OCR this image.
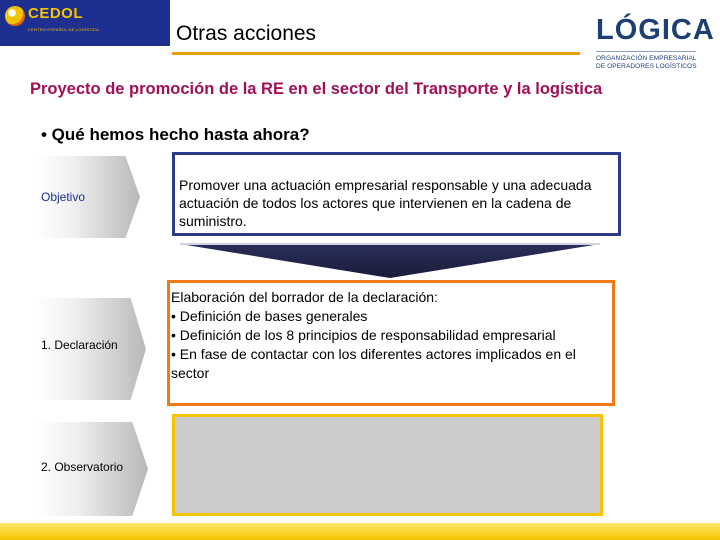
CEDOL
CENTRO ESPAÑOL DE LOGÍSTICA	Otras acciones	LÓGICA
ORGANIZACIÓN EMPRESARIAL
DE OPERADORES LOGÍSTICOS
Proyecto de promoción de la RE en el sector del Transporte y la logística
• Qué hemos hecho hasta ahora?
Objetivo
1. Declaración
2. Observatorio
Promover una actuación empresarial responsable y una adecuada actuación de todos los actores que intervienen en la cadena de suministro.
Elaboración del borrador de la declaración:
• Definición de bases generales
• Definición de los 8 principios de responsabilidad empresarial
• En fase de contactar con los diferentes actores implicados en el sector
